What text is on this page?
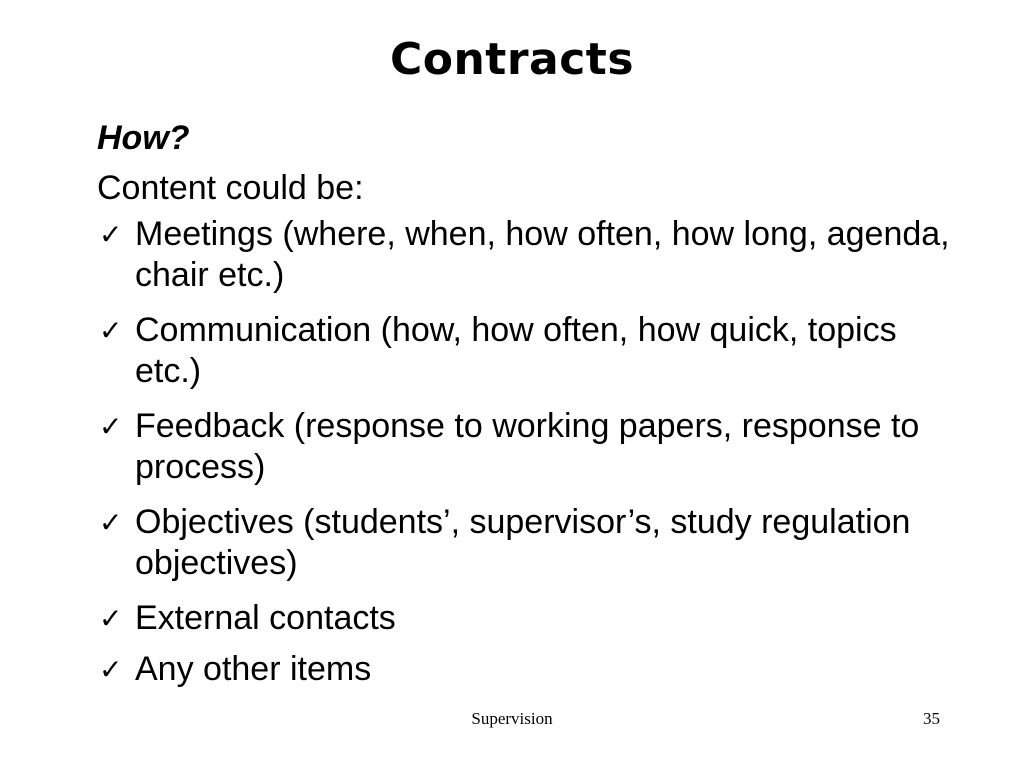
Contracts
How?
Content could be:
✓ Meetings (where, when, how often, how long, agenda, chair etc.)
✓ Communication (how, how often, how quick, topics etc.)
✓ Feedback (response to working papers, response to process)
✓ Objectives (students’, supervisor’s, study regulation objectives)
✓ External contacts
✓ Any other items
Supervision	35
